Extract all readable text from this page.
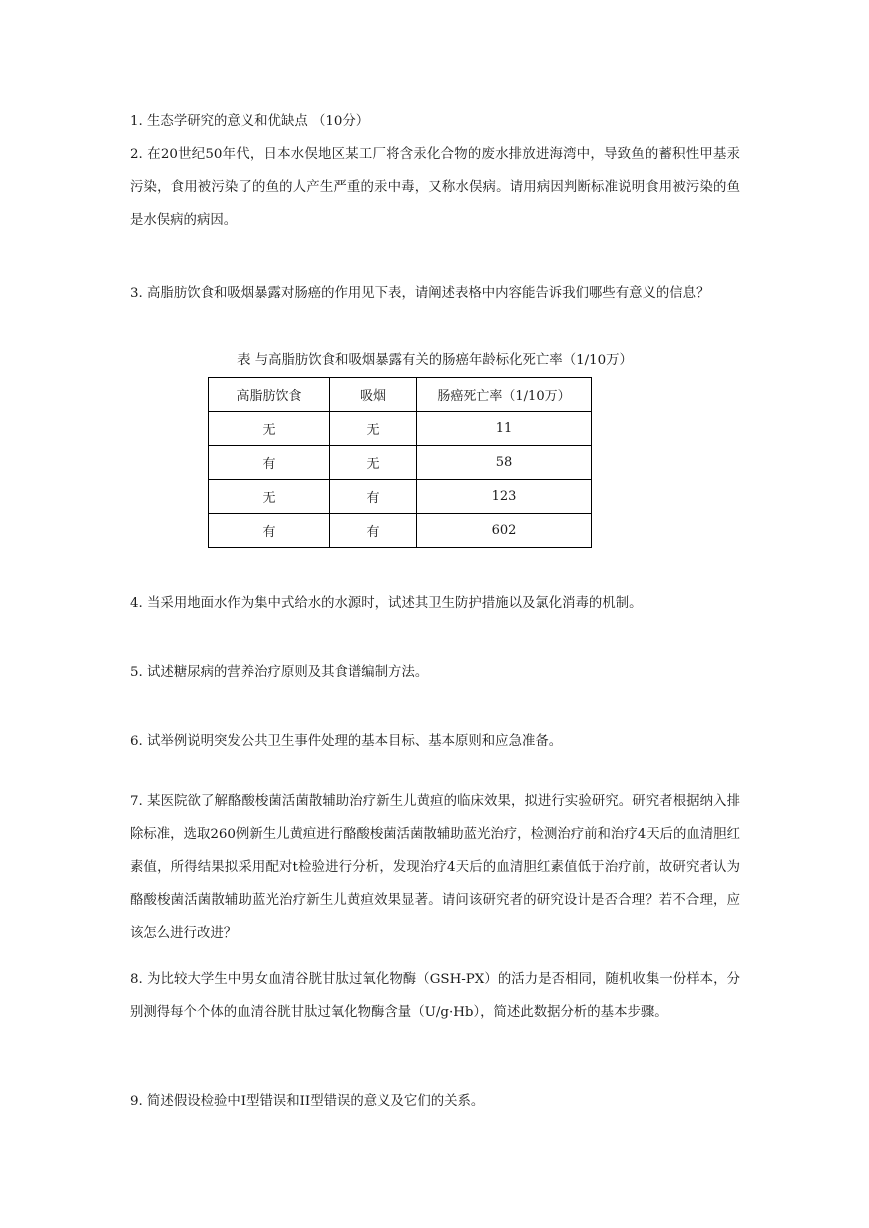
1. 生态学研究的意义和优缺点 （10分）

2. 在20世纪50年代，日本水俣地区某工厂将含汞化合物的废水排放进海湾中，导致鱼的蓄积性甲基汞污染，食用被污染了的鱼的人产生严重的汞中毒，又称水俣病。请用病因判断标准说明食用被污染的鱼是水俣病的病因。

3. 高脂肪饮食和吸烟暴露对肠癌的作用见下表，请阐述表格中内容能告诉我们哪些有意义的信息？

表 与高脂肪饮食和吸烟暴露有关的肠癌年龄标化死亡率（1/10万）

高脂肪饮食	吸烟	肠癌死亡率（1/10万）
无	无	11
有	无	58
无	有	123
有	有	602

4. 当采用地面水作为集中式给水的水源时，试述其卫生防护措施以及氯化消毒的机制。

5. 试述糖尿病的营养治疗原则及其食谱编制方法。

6. 试举例说明突发公共卫生事件处理的基本目标、基本原则和应急准备。

7. 某医院欲了解酪酸梭菌活菌散辅助治疗新生儿黄疸的临床效果，拟进行实验研究。研究者根据纳入排除标准，选取260例新生儿黄疸进行酪酸梭菌活菌散辅助蓝光治疗，检测治疗前和治疗4天后的血清胆红素值，所得结果拟采用配对t检验进行分析，发现治疗4天后的血清胆红素值低于治疗前，故研究者认为酪酸梭菌活菌散辅助蓝光治疗新生儿黄疸效果显著。请问该研究者的研究设计是否合理？若不合理，应该怎么进行改进？

8. 为比较大学生中男女血清谷胱甘肽过氧化物酶（GSH-PX）的活力是否相同，随机收集一份样本，分别测得每个个体的血清谷胱甘肽过氧化物酶含量（U/g·Hb），简述此数据分析的基本步骤。

9. 简述假设检验中I型错误和II型错误的意义及它们的关系。
